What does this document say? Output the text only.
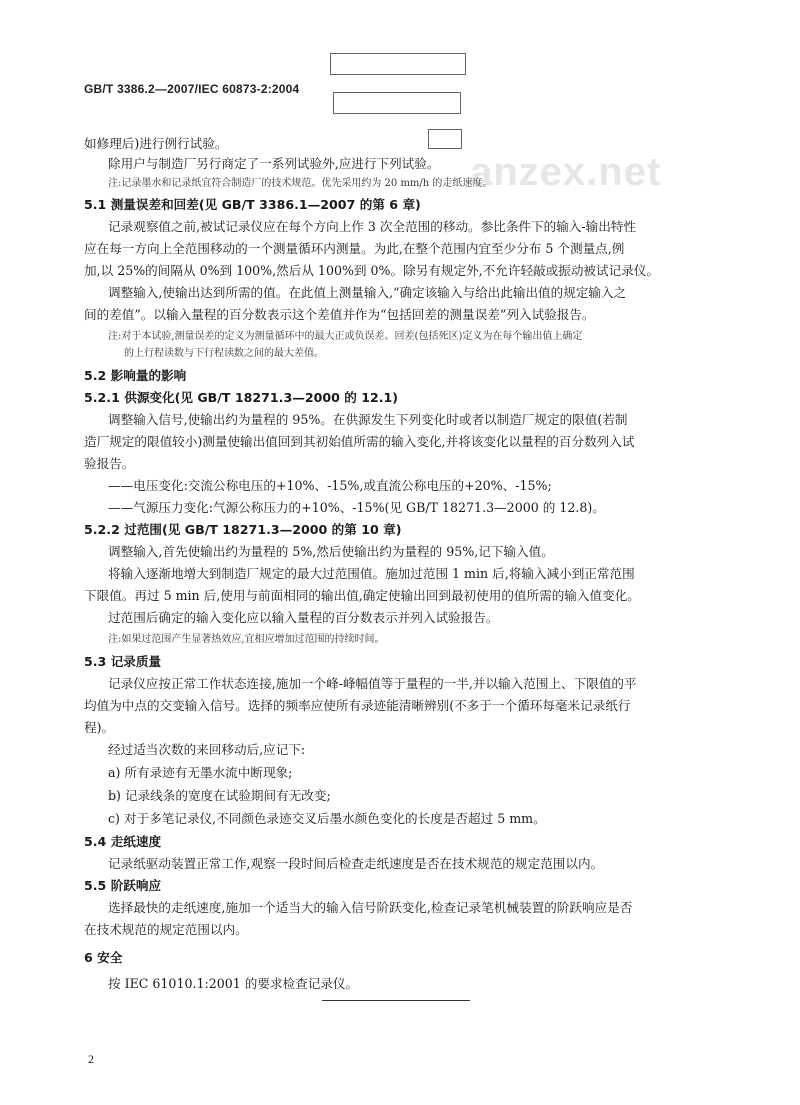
GB/T 3386.2—2007/IEC 60873-2:2004
anzex.net
如修理后)进行例行试验。
除用户与制造厂另行商定了一系列试验外,应进行下列试验。
注:记录墨水和记录纸宜符合制造厂的技术规范。优先采用约为 20 mm/h 的走纸速度。
5.1 测量误差和回差(见 GB/T 3386.1—2007 的第 6 章)
记录观察值之前,被试记录仪应在每个方向上作 3 次全范围的移动。参比条件下的输入-输出特性
应在每一方向上全范围移动的一个测量循环内测量。为此,在整个范围内宜至少分布 5 个测量点,例
加,以 25%的间隔从 0%到 100%,然后从 100%到 0%。除另有规定外,不允许轻敲或振动被试记录仪。
调整输入,使输出达到所需的值。在此值上测量输入,“确定该输入与给出此输出值的规定输入之
间的差值”。以输入量程的百分数表示这个差值并作为“包括回差的测量误差”列入试验报告。
注:对于本试验,测量误差的定义为测量循环中的最大正或负误差。回差(包括死区)定义为在每个输出值上确定
的上行程读数与下行程读数之间的最大差值。
5.2 影响量的影响
5.2.1 供源变化(见 GB/T 18271.3—2000 的 12.1)
调整输入信号,使输出约为量程的 95%。在供源发生下列变化时或者以制造厂规定的限值(若制
造厂规定的限值较小)测量使输出值回到其初始值所需的输入变化,并将该变化以量程的百分数列入试
验报告。
——电压变化:交流公称电压的+10%、-15%,或直流公称电压的+20%、-15%;
——气源压力变化:气源公称压力的+10%、-15%(见 GB/T 18271.3—2000 的 12.8)。
5.2.2 过范围(见 GB/T 18271.3—2000 的第 10 章)
调整输入,首先使输出约为量程的 5%,然后使输出约为量程的 95%,记下输入值。
将输入逐渐地增大到制造厂规定的最大过范围值。施加过范围 1 min 后,将输入减小到正常范围
下限值。再过 5 min 后,使用与前面相同的输出值,确定使输出回到最初使用的值所需的输入值变化。
过范围后确定的输入变化应以输入量程的百分数表示并列入试验报告。
注:如果过范围产生显著热效应,宜相应增加过范围的持续时间。
5.3 记录质量
记录仪应按正常工作状态连接,施加一个峰-峰幅值等于量程的一半,并以输入范围上、下限值的平
均值为中点的交变输入信号。选择的频率应使所有录迹能清晰辨别(不多于一个循环每毫米记录纸行
程)。
经过适当次数的来回移动后,应记下:
a) 所有录迹有无墨水流中断现象;
b) 记录线条的宽度在试验期间有无改变;
c) 对于多笔记录仪,不同颜色录迹交叉后墨水颜色变化的长度是否超过 5 mm。
5.4 走纸速度
记录纸驱动装置正常工作,观察一段时间后检查走纸速度是否在技术规范的规定范围以内。
5.5 阶跃响应
选择最快的走纸速度,施加一个适当大的输入信号阶跃变化,检查记录笔机械装置的阶跃响应是否
在技术规范的规定范围以内。
6 安全
按 IEC 61010.1:2001 的要求检查记录仪。
2
